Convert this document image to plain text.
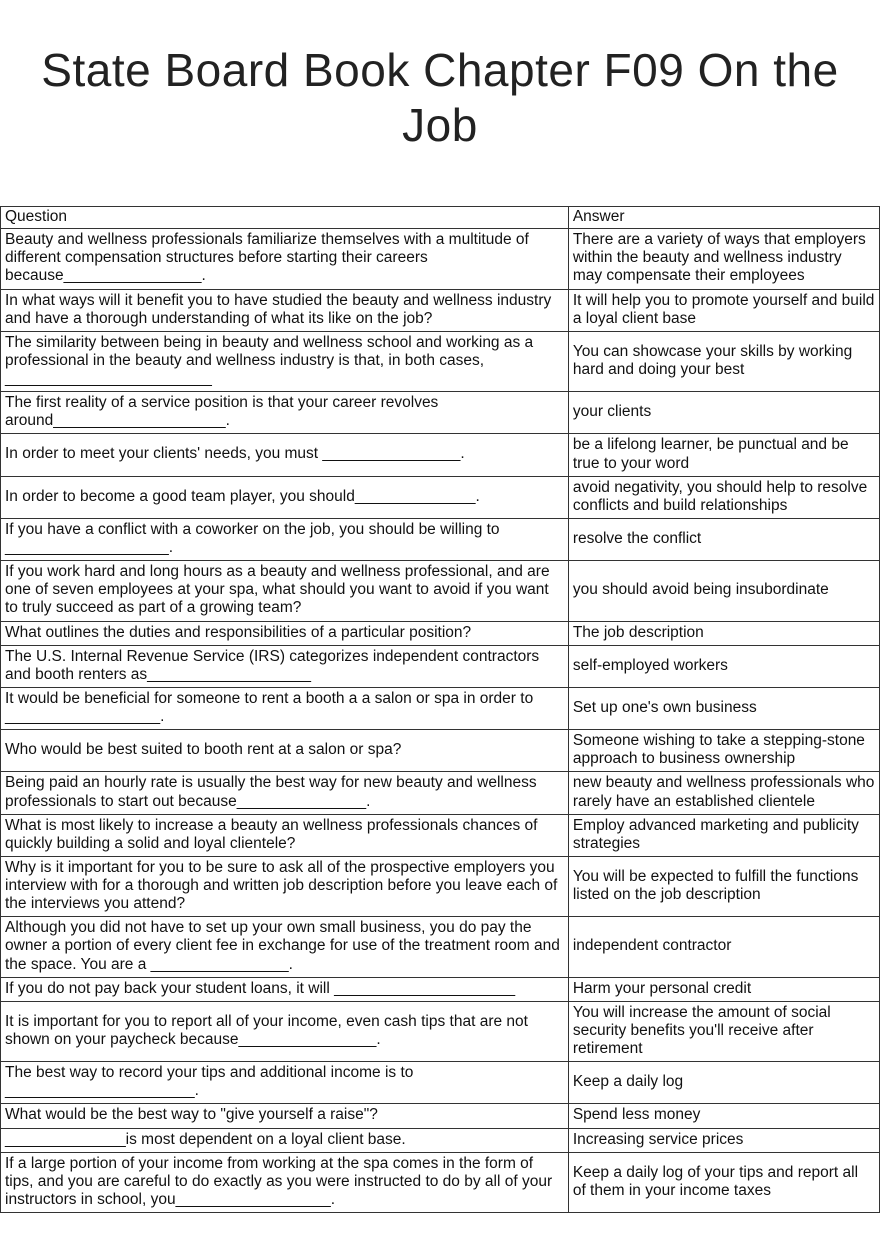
State Board Book Chapter F09 On the Job
Question	Answer
Beauty and wellness professionals familiarize themselves with a multitude of different compensation structures before starting their careers because________________.	There are a variety of ways that employers within the beauty and wellness industry may compensate their employees
In what ways will it benefit you to have studied the beauty and wellness industry and have a thorough understanding of what its like on the job?	It will help you to promote yourself and build a loyal client base
The similarity between being in beauty and wellness school and working as a professional in the beauty and wellness industry is that, in both cases, ________________________	You can showcase your skills by working hard and doing your best
The first reality of a service position is that your career revolves around____________________.	your clients
In order to meet your clients' needs, you must ________________.	be a lifelong learner, be punctual and be true to your word
In order to become a good team player, you should______________.	avoid negativity, you should help to resolve conflicts and build relationships
If you have a conflict with a coworker on the job, you should be willing to ___________________.	resolve the conflict
If you work hard and long hours as a beauty and wellness professional, and are one of seven employees at your spa, what should you want to avoid if you want to truly succeed as part of a growing team?	you should avoid being insubordinate
What outlines the duties and responsibilities of a particular position?	The job description
The U.S. Internal Revenue Service (IRS) categorizes independent contractors and booth renters as___________________	self-employed workers
It would be beneficial for someone to rent a booth a a salon or spa in order to __________________.	Set up one's own business
Who would be best suited to booth rent at a salon or spa?	Someone wishing to take a stepping-stone approach to business ownership
Being paid an hourly rate is usually the best way for new beauty and wellness professionals to start out because_______________.	new beauty and wellness professionals who rarely have an established clientele
What is most likely to increase a beauty an wellness professionals chances of quickly building a solid and loyal clientele?	Employ advanced marketing and publicity strategies
Why is it important for you to be sure to ask all of the prospective employers you interview with for a thorough and written job description before you leave each of the interviews you attend?	You will be expected to fulfill the functions listed on the job description
Although you did not have to set up your own small business, you do pay the owner a portion of every client fee in exchange for use of the treatment room and the space. You are a ________________.	independent contractor
If you do not pay back your student loans, it will _____________________	Harm your personal credit
It is important for you to report all of your income, even cash tips that are not shown on your paycheck because________________.	You will increase the amount of social security benefits you'll receive after retirement
The best way to record your tips and additional income is to ______________________.	Keep a daily log
What would be the best way to "give yourself a raise"?	Spend less money
______________is most dependent on a loyal client base.	Increasing service prices
If a large portion of your income from working at the spa comes in the form of tips, and you are careful to do exactly as you were instructed to do by all of your instructors in school, you__________________.	Keep a daily log of your tips and report all of them in your income taxes
